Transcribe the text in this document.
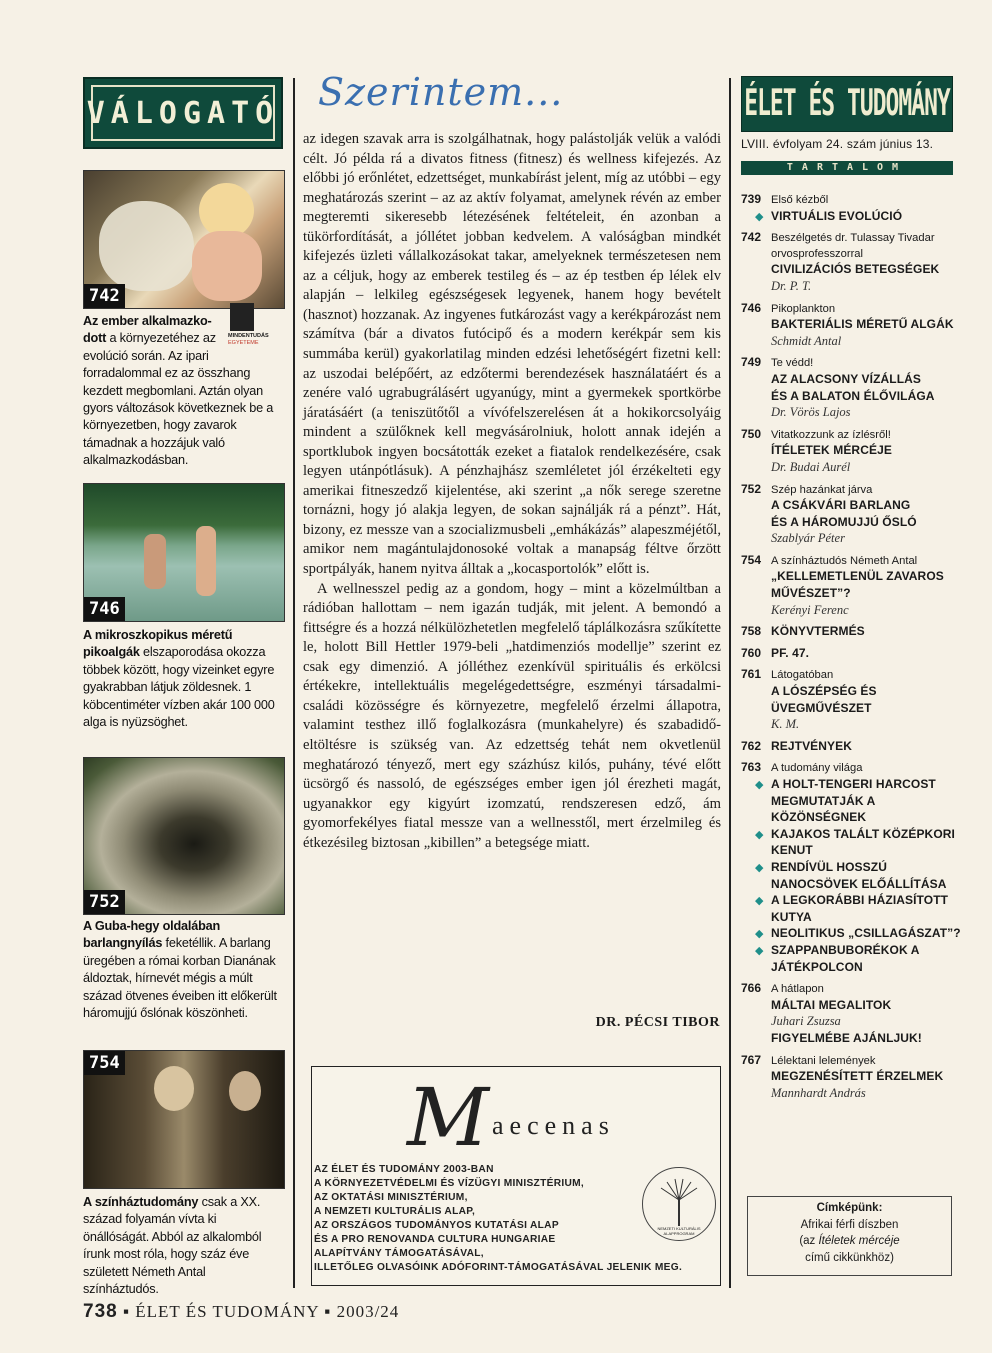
VÁLOGATÓ
742
MINDENTUDÁS
EGYETEME
Az ember alkalmazkodott a környezetéhez az evolúció során. Az ipari forradalommal ez az összhang kezdett megbomlani. Aztán olyan gyors változások következnek be a környezetben, hogy zavarok támadnak a hozzájuk való alkalmazkodásban.
746
A mikroszkopikus méretű pikoalgák elszaporodása okozza többek között, hogy vizeinket egyre gyakrabban látjuk zöldesnek. 1 köbcentiméter vízben akár 100 000 alga is nyüzsöghet.
752
A Guba-hegy oldalában barlangnyílás feketéllik. A barlang üregében a római korban Dianának áldoztak, hírnevét mégis a múlt század ötvenes éveiben itt előkerült háromujjú őslónak köszönheti.
754
A színháztudomány csak a XX. század folyamán vívta ki önállóságát. Abból az alkalomból írunk most róla, hogy száz éve született Németh Antal színháztudós.
Szerintem...

az idegen szavak arra is szolgálhatnak, hogy palástolják velük a valódi célt. Jó példa rá a divatos fitness (fitnesz) és wellness kifejezés. Az előbbi jó erőnlétet, edzettséget, munkabírást jelent, míg az utóbbi – egy meghatározás szerint – az az aktív folyamat, amelynek révén az ember megteremti sikeresebb létezésének feltételeit, én azonban a tükörfordítását, a jóllétet jobban kedvelem. A valóságban mindkét kifejezés üzleti vállalkozásokat takar, amelyeknek természetesen nem az a céljuk, hogy az emberek testileg és – az ép testben ép lélek elv alapján – lelkileg egészségesek legyenek, hanem hogy bevételt (hasznot) hozzanak. Az ingyenes futkározást vagy a kerékpározást nem számítva (bár a divatos futócipő és a modern kerékpár sem kis summába kerül) gyakorlatilag minden edzési lehetőségért fizetni kell: az uszodai belépőért, az edzőtermi berendezések használatáért és a zenére való ugrabugrálásért ugyanúgy, mint a gyermekek sportkörbe járatásáért (a teniszütőtől a vívófelszerelésen át a hokikorcsolyáig mindent a szülőknek kell megvásárolniuk, holott annak idején a sportklubok ingyen bocsátották ezeket a fiatalok rendelkezésére, csak legyen utánpótlásuk). A pénzhajhász szemléletet jól érzékelteti egy amerikai fitneszedző kijelentése, aki szerint „a nők serege szeretne tornázni, hogy jó alakja legyen, de sokan sajnálják rá a pénzt”. Hát, bizony, ez messze van a szocializmusbeli „emhákázás” alapeszméjétől, amikor nem magántulajdonosoké voltak a manapság féltve őrzött sportpályák, hanem nyitva álltak a „kocasportolók” előtt is.

A wellnesszel pedig az a gondom, hogy – mint a közelmúltban a rádióban hallottam – nem igazán tudják, mit jelent. A bemondó a fittségre és a hozzá nélkülözhetetlen megfelelő táplálkozásra szűkítette le, holott Bill Hettler 1979-beli „hatdimenziós modellje” szerint ez csak egy dimenzió. A jólléthez ezenkívül spirituális és erkölcsi értékekre, intellektuális megelégedettségre, eszményi társadalmi-családi közösségre és környezetre, megfelelő érzelmi állapotra, valamint testhez illő foglalkozásra (munkahelyre) és szabadidő-eltöltésre is szükség van. Az edzettség tehát nem okvetlenül meghatározó tényező, mert egy százhúsz kilós, puhány, tévé előtt ücsörgő és nassoló, de egészséges ember igen jól érezheti magát, ugyanakkor egy kigyúrt izomzatú, rendszeresen edző, ám gyomorfekélyes fiatal messze van a wellnesstől, mert érzelmileg és étkezésileg biztosan „kibillen” a betegsége miatt.

DR. PÉCSI TIBOR
M aecenas
AZ ÉLET ÉS TUDOMÁNY 2003-BAN
A KÖRNYEZETVÉDELMI ÉS VÍZÜGYI MINISZTÉRIUM,
AZ OKTATÁSI MINISZTÉRIUM,
A NEMZETI KULTURÁLIS ALAP,
AZ ORSZÁGOS TUDOMÁNYOS KUTATÁSI ALAP
ÉS A PRO RENOVANDA CULTURA HUNGARIAE
ALAPÍTVÁNY TÁMOGATÁSÁVAL,
ILLETŐLEG OLVASÓINK ADÓFORINT-TÁMOGATÁSÁVAL JELENIK MEG.
NEMZETI KULTURÁLIS ALAPPROGRAM
738 ▪ ÉLET ÉS TUDOMÁNY ▪ 2003/24
ÉLET ÉS TUDOMÁNY
LVIII. évfolyam 24. szám június 13.
TARTALOM
739 Első kézből
◆ VIRTUÁLIS EVOLÚCIÓ
742 Beszélgetés dr. Tulassay Tivadar
orvosprofesszorral
CIVILIZÁCIÓS BETEGSÉGEK
Dr. P. T.
746 Pikoplankton
BAKTERIÁLIS MÉRETŰ ALGÁK
Schmidt Antal
749 Te védd!
AZ ALACSONY VÍZÁLLÁS
ÉS A BALATON ÉLŐVILÁGA
Dr. Vörös Lajos
750 Vitatkozzunk az ízlésről!
ÍTÉLETEK MÉRCÉJE
Dr. Budai Aurél
752 Szép hazánkat járva
A CSÁKVÁRI BARLANG
ÉS A HÁROMUJJÚ ŐSLÓ
Szablyár Péter
754 A színháztudós Németh Antal
„KELLEMETLENÜL ZAVAROS
MŰVÉSZET”?
Kerényi Ferenc
758 KÖNYVTERMÉS
760 PF. 47.
761 Látogatóban
A LÓSZÉPSÉG ÉS
ÜVEGMŰVÉSZET
K. M.
762 REJTVÉNYEK
763 A tudomány világa
◆ A HOLT-TENGERI HARCOST
MEGMUTATJÁK A
KÖZÖNSÉGNEK
◆ KAJAKOS TALÁLT KÖZÉPKORI
KENUT
◆ RENDÍVÜL HOSSZÚ
NANOCSÖVEK ELŐÁLLÍTÁSA
◆ A LEGKORÁBBI HÁZIASÍTOTT
KUTYA
◆ NEOLITIKUS „CSILLAGÁSZAT”?
◆ SZAPPANBUBORÉKOK A
JÁTÉKPOLCON
766 A hátlapon
MÁLTAI MEGALITOK
Juhari Zsuzsa
FIGYELMÉBE AJÁNLJUK!
767 Lélektani lelemények
MEGZENÉSÍTETT ÉRZELMEK
Mannhardt András
Címképünk:
Afrikai férfi díszben
(az Ítéletek mércéje
című cikkünkhöz)
